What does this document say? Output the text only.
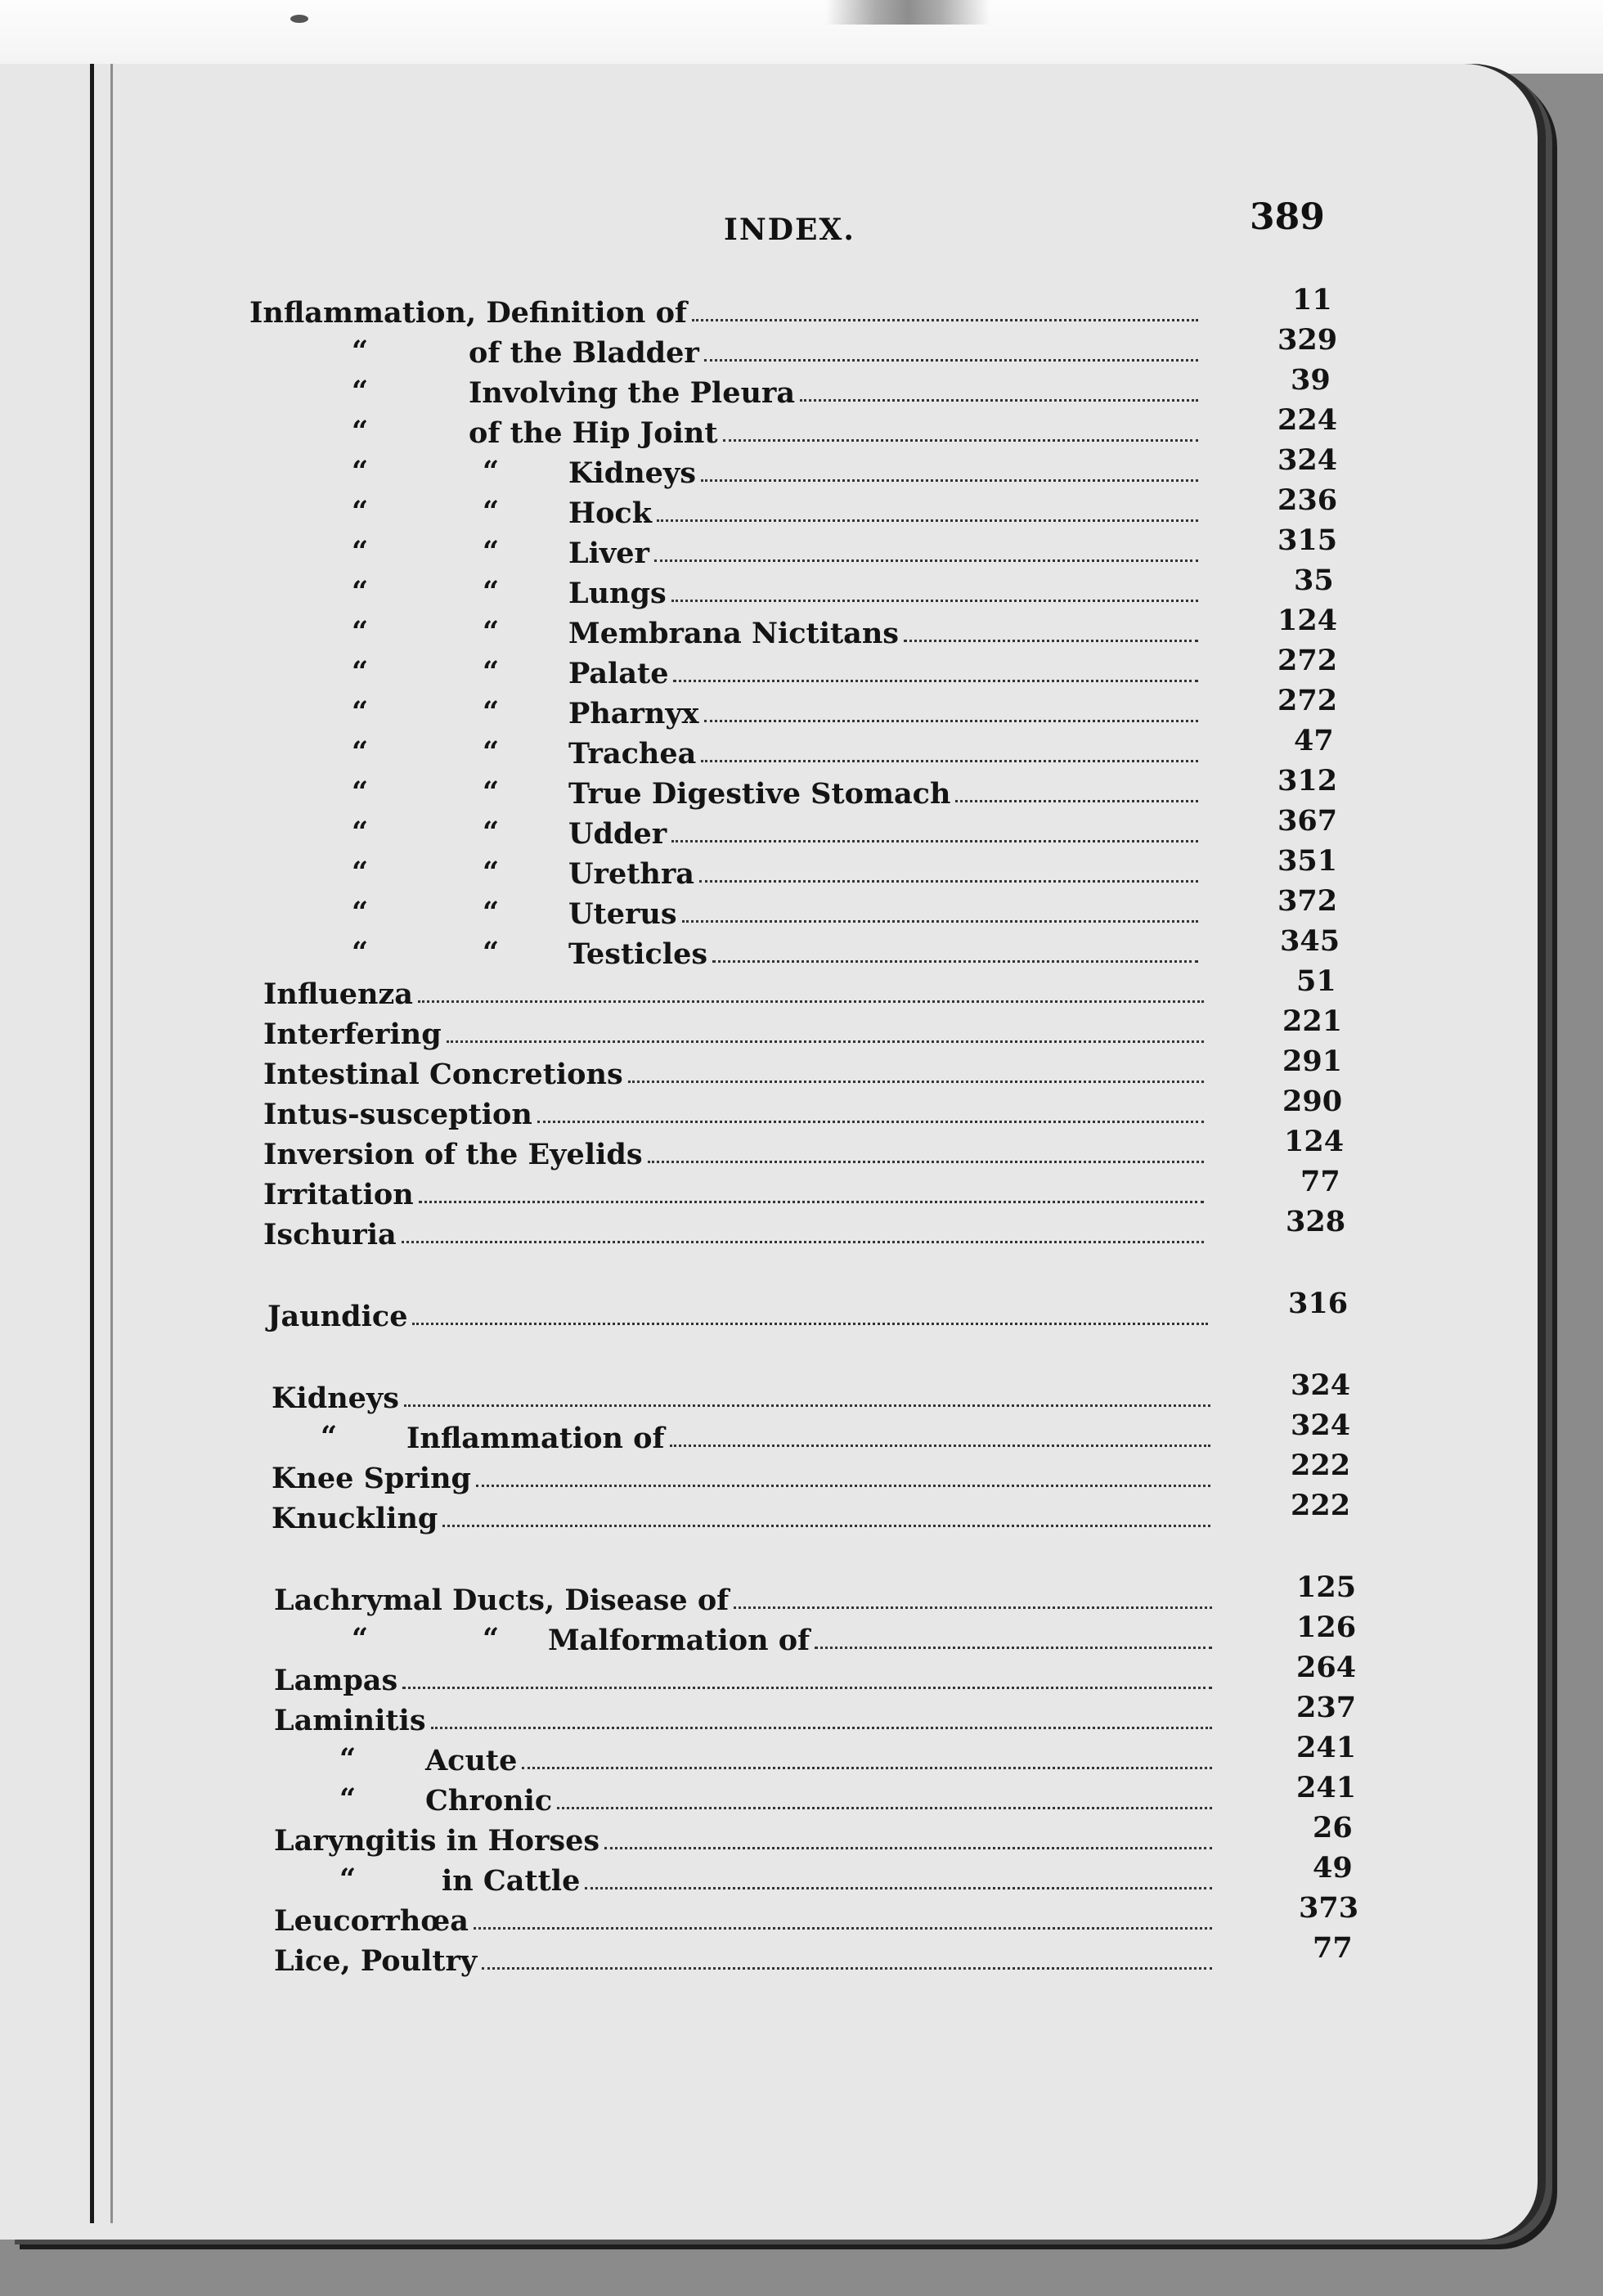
INDEX.	389
Inflammation, Definition of	11
“	of the Bladder	329
“	Involving the Pleura	39
“	of the Hip Joint	224
“	“ Kidneys	324
“	“ Hock	236
“	“ Liver	315
“	“ Lungs	35
“	“ Membrana Nictitans	124
“	“ Palate	272
“	“ Pharnyx	272
“	“ Trachea	47
“	“ True Digestive Stomach	312
“	“ Udder	367
“	“ Urethra	351
“	“ Uterus	372
“	“ Testicles	345
Influenza	51
Interfering	221
Intestinal Concretions	291
Intus-susception	290
Inversion of the Eyelids	124
Irritation	77
Ischuria	328
Jaundice	316
Kidneys	324
“ Inflammation of	324
Knee Spring	222
Knuckling	222
Lachrymal Ducts, Disease of	125
“	“ Malformation of	126
Lampas	264
Laminitis	237
“ Acute	241
“ Chronic	241
Laryngitis in Horses	26
“	in Cattle	49
Leucorrhœa	373
Lice, Poultry	77
